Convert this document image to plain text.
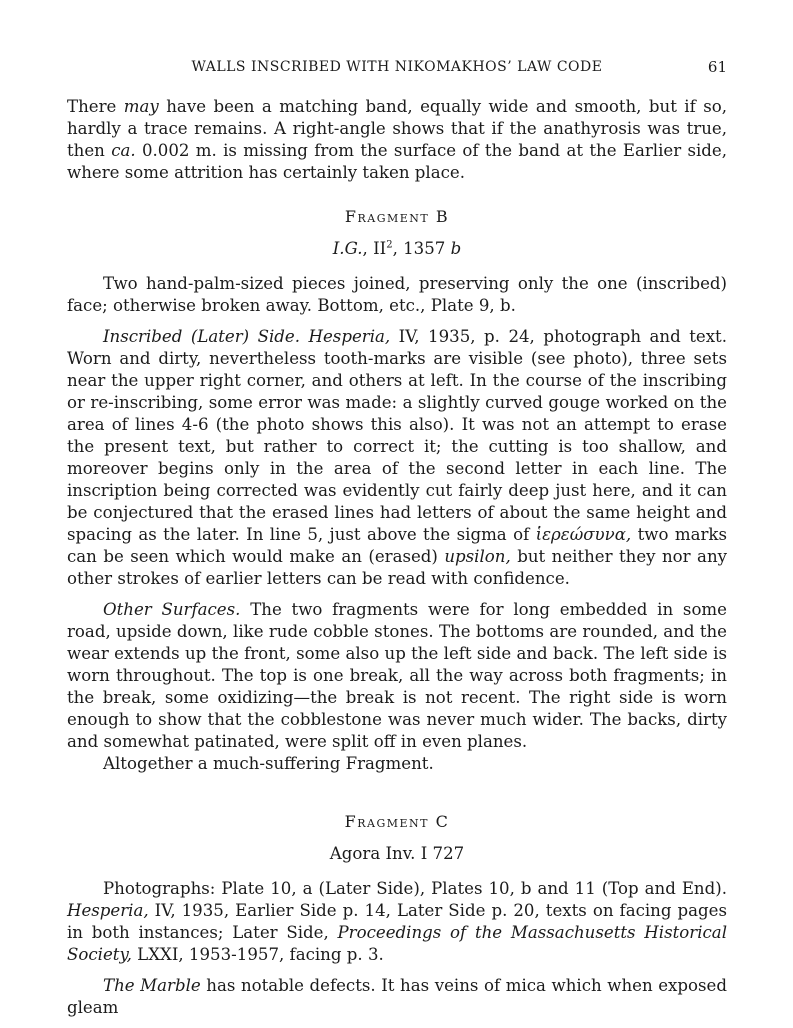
WALLS INSCRIBED WITH NIKOMAKHOS’ LAW CODE	61

There may have been a matching band, equally wide and smooth, but if so, hardly a trace remains. A right-angle shows that if the anathyrosis was true, then ca. 0.002 m. is missing from the surface of the band at the Earlier side, where some attrition has certainly taken place.

Fragment B
I.G., $II^2$, 1357 b

Two hand-palm-sized pieces joined, preserving only the one (inscribed) face; otherwise broken away. Bottom, etc., Plate 9, b.

Inscribed (Later) Side. Hesperia, IV, 1935, p. 24, photograph and text. Worn and dirty, nevertheless tooth-marks are visible (see photo), three sets near the upper right corner, and others at left. In the course of the inscribing or re-inscribing, some error was made: a slightly curved gouge worked on the area of lines 4-6 (the photo shows this also). It was not an attempt to erase the present text, but rather to correct it; the cutting is too shallow, and moreover begins only in the area of the second letter in each line. The inscription being corrected was evidently cut fairly deep just here, and it can be conjectured that the erased lines had letters of about the same height and spacing as the later. In line 5, just above the sigma of ἱερεώσυνα, two marks can be seen which would make an (erased) upsilon, but neither they nor any other strokes of earlier letters can be read with confidence.

Other Surfaces. The two fragments were for long embedded in some road, upside down, like rude cobble stones. The bottoms are rounded, and the wear extends up the front, some also up the left side and back. The left side is worn throughout. The top is one break, all the way across both fragments; in the break, some oxidizing—the break is not recent. The right side is worn enough to show that the cobblestone was never much wider. The backs, dirty and somewhat patinated, were split off in even planes.

Altogether a much-suffering Fragment.

Fragment C
Agora Inv. I 727

Photographs: Plate 10, a (Later Side), Plates 10, b and 11 (Top and End). Hesperia, IV, 1935, Earlier Side p. 14, Later Side p. 20, texts on facing pages in both instances; Later Side, Proceedings of the Massachusetts Historical Society, LXXI, 1953-1957, facing p. 3.

The Marble has notable defects. It has veins of mica which when exposed gleam
